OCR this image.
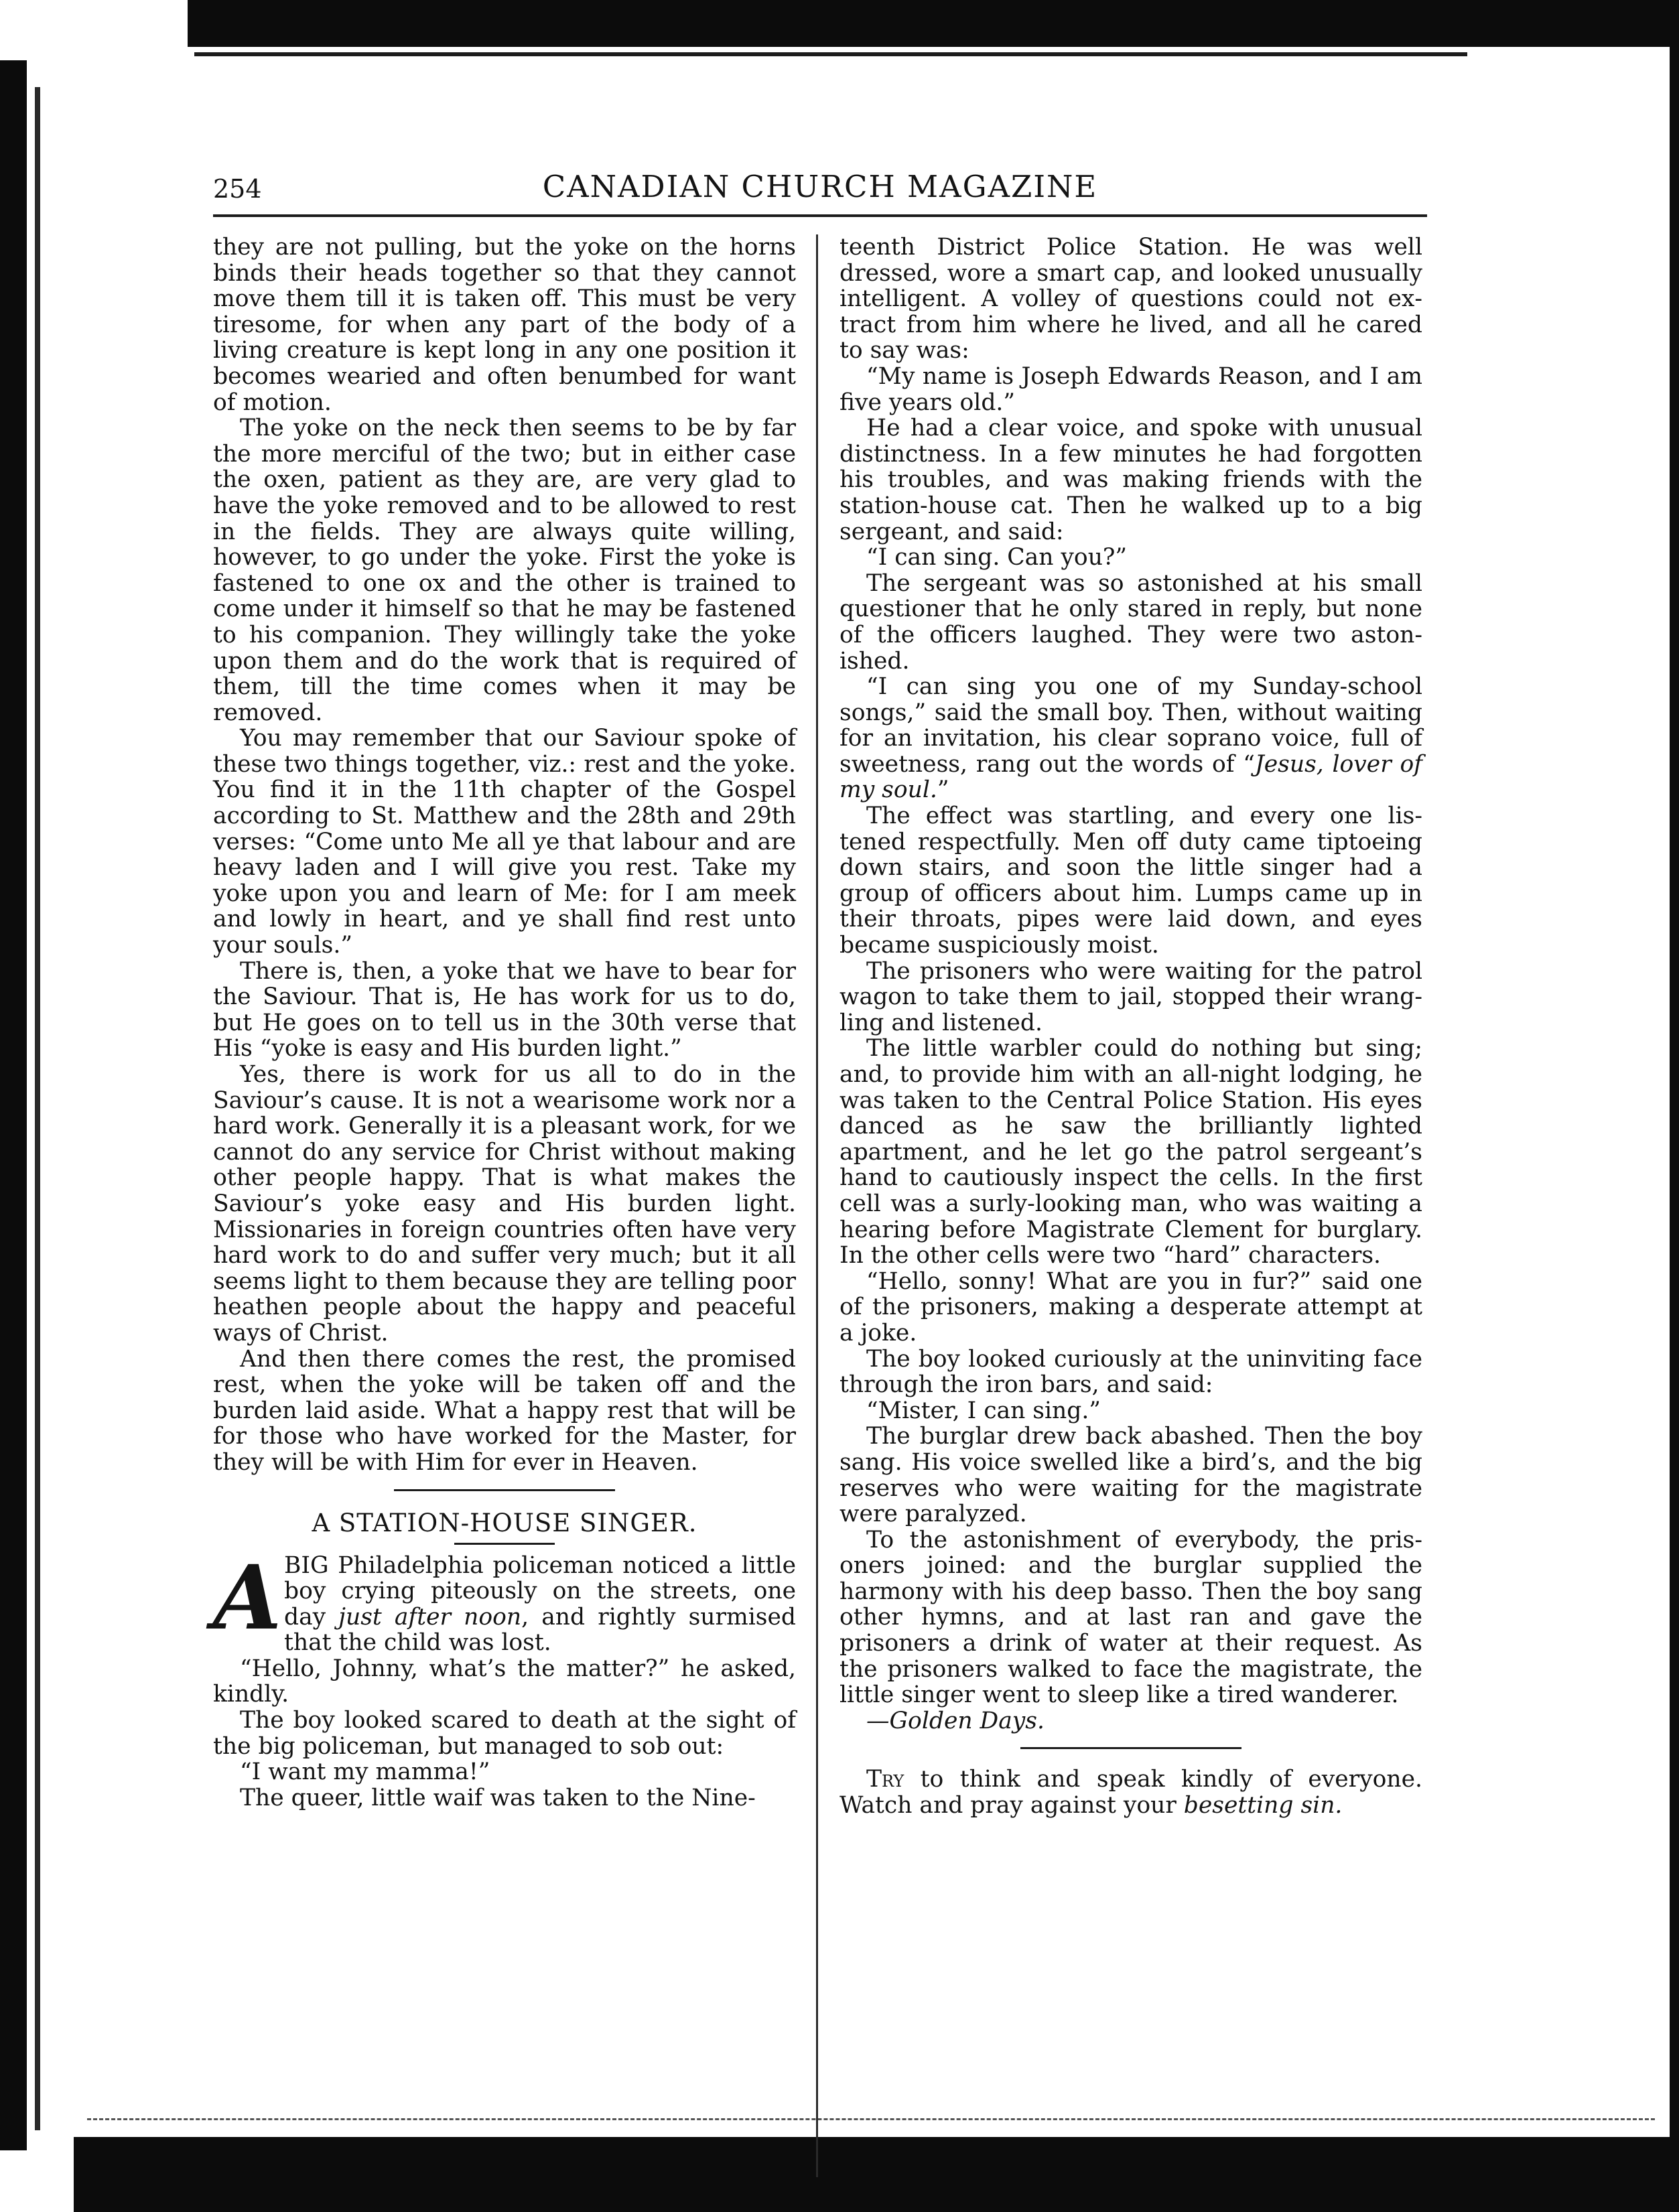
254	CANADIAN CHURCH MAGAZINE

they are not pulling, but the yoke on the horns binds their heads together so that they cannot move them till it is taken off. This must be very tiresome, for when any part of the body of a living creature is kept long in any one position it becomes wearied and often benumbed for want of motion.

The yoke on the neck then seems to be by far the more merciful of the two; but in either case the oxen, patient as they are, are very glad to have the yoke removed and to be allowed to rest in the fields. They are always quite willing, however, to go under the yoke. First the yoke is fastened to one ox and the other is trained to come under it himself so that he may be fastened to his companion. They willingly take the yoke upon them and do the work that is required of them, till the time comes when it may be removed.

You may remember that our Saviour spoke of these two things together, viz.: rest and the yoke. You find it in the 11th chapter of the Gospel according to St. Matthew and the 28th and 29th verses: “Come unto Me all ye that labour and are heavy laden and I will give you rest. Take my yoke upon you and learn of Me: for I am meek and lowly in heart, and ye shall find rest unto your souls.”

There is, then, a yoke that we have to bear for the Saviour. That is, He has work for us to do, but He goes on to tell us in the 30th verse that His “yoke is easy and His burden light.”

Yes, there is work for us all to do in the Saviour’s cause. It is not a wearisome work nor a hard work. Generally it is a pleasant work, for we cannot do any service for Christ without making other people happy. That is what makes the Saviour’s yoke easy and His burden light. Missionaries in foreign countries often have very hard work to do and suffer very much; but it all seems light to them because they are telling poor heathen people about the happy and peaceful ways of Christ.

And then there comes the rest, the promised rest, when the yoke will be taken off and the burden laid aside. What a happy rest that will be for those who have worked for the Master, for they will be with Him for ever in Heaven.

A STATION-HOUSE SINGER.

ABIG Philadelphia policeman noticed a little boy crying piteously on the streets, one day just after noon, and rightly surmised that the child was lost.

“Hello, Johnny, what’s the matter?” he asked, kindly.

The boy looked scared to death at the sight of the big policeman, but managed to sob out:

“I want my mamma!”

The queer, little waif was taken to the Nine-

teenth District Police Station. He was well dressed, wore a smart cap, and looked unusually intelligent. A volley of questions could not extract from him where he lived, and all he cared to say was:

“My name is Joseph Edwards Reason, and I am five years old.”

He had a clear voice, and spoke with unusual distinctness. In a few minutes he had forgotten his troubles, and was making friends with the station-house cat. Then he walked up to a big sergeant, and said:

“I can sing. Can you?”

The sergeant was so astonished at his small questioner that he only stared in reply, but none of the officers laughed. They were two astonished.

“I can sing you one of my Sunday-school songs,” said the small boy. Then, without waiting for an invitation, his clear soprano voice, full of sweetness, rang out the words of “Jesus, lover of my soul.”

The effect was startling, and every one listened respectfully. Men off duty came tiptoeing down stairs, and soon the little singer had a group of officers about him. Lumps came up in their throats, pipes were laid down, and eyes became suspiciously moist.

The prisoners who were waiting for the patrol wagon to take them to jail, stopped their wrangling and listened.

The little warbler could do nothing but sing; and, to provide him with an all-night lodging, he was taken to the Central Police Station. His eyes danced as he saw the brilliantly lighted apartment, and he let go the patrol sergeant’s hand to cautiously inspect the cells. In the first cell was a surly-looking man, who was waiting a hearing before Magistrate Clement for burglary. In the other cells were two “hard” characters.

“Hello, sonny! What are you in fur?” said one of the prisoners, making a desperate attempt at a joke.

The boy looked curiously at the uninviting face through the iron bars, and said:

“Mister, I can sing.”

The burglar drew back abashed. Then the boy sang. His voice swelled like a bird’s, and the big reserves who were waiting for the magistrate were paralyzed.

To the astonishment of everybody, the prisoners joined: and the burglar supplied the harmony with his deep basso. Then the boy sang other hymns, and at last ran and gave the prisoners a drink of water at their request. As the prisoners walked to face the magistrate, the little singer went to sleep like a tired wanderer.

—Golden Days.

Try to think and speak kindly of everyone. Watch and pray against your besetting sin.
